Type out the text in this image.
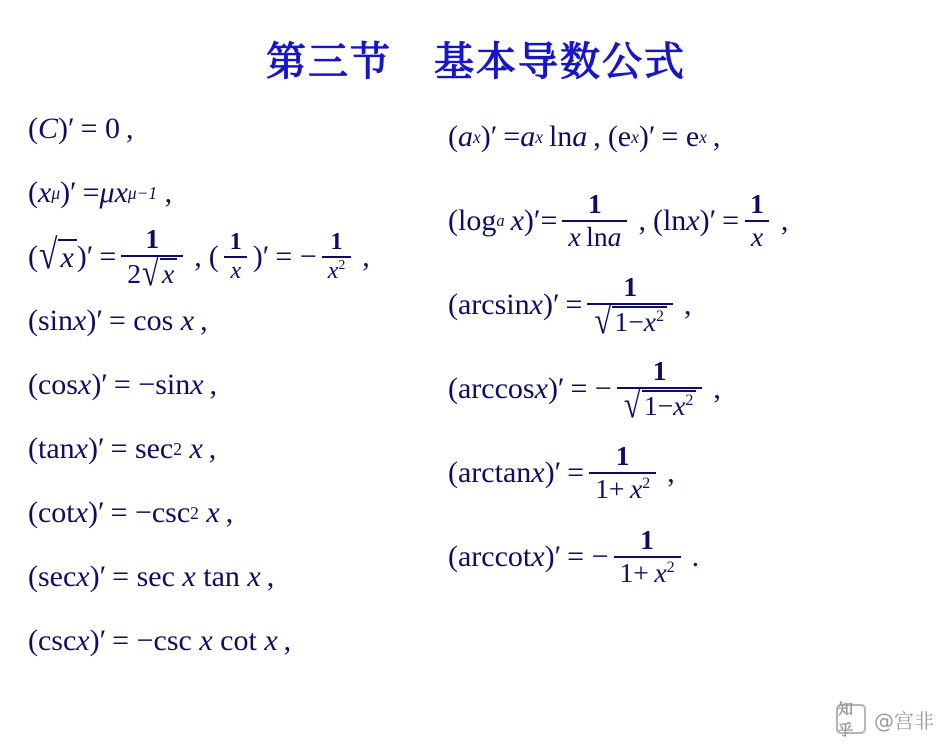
第三节　基本导数公式
( C )′ = 0 ,
( x μ )′ = μx μ−1 ,
( √ x )′ = $\frac{1}{2 √ x}$  ,
( $\frac{1}{x}$ )′ = − $\frac{1}{x^2}$  ,
(sin x )′ = cos x  ,
(cos x )′ = −sin x  ,
(tan x )′ = sec 2
x  ,
(cot x )′ = −csc 2
x  ,
(sec x )′ = sec x tan x  ,
(csc x )′ = −csc x cot x  ,
( a x )′ = a x  ln a  ,
(e x )′ = e x  ,
(log a
  x )′= $\frac{1}{\text{x lna}}$  ,
(ln x )′ = $\frac{1}{x}$  ,
(arcsin x )′ = $\frac{1}{√ 1-x^2}$  ,
(arccos x )′ = − $\frac{1}{√ 1-x^2}$  ,
(arctan x )′ = $\frac{1}{1+ x^2}$  ,
(arccot x )′ = − $\frac{1}{1+ x^2}$  .
知乎	@宫非
